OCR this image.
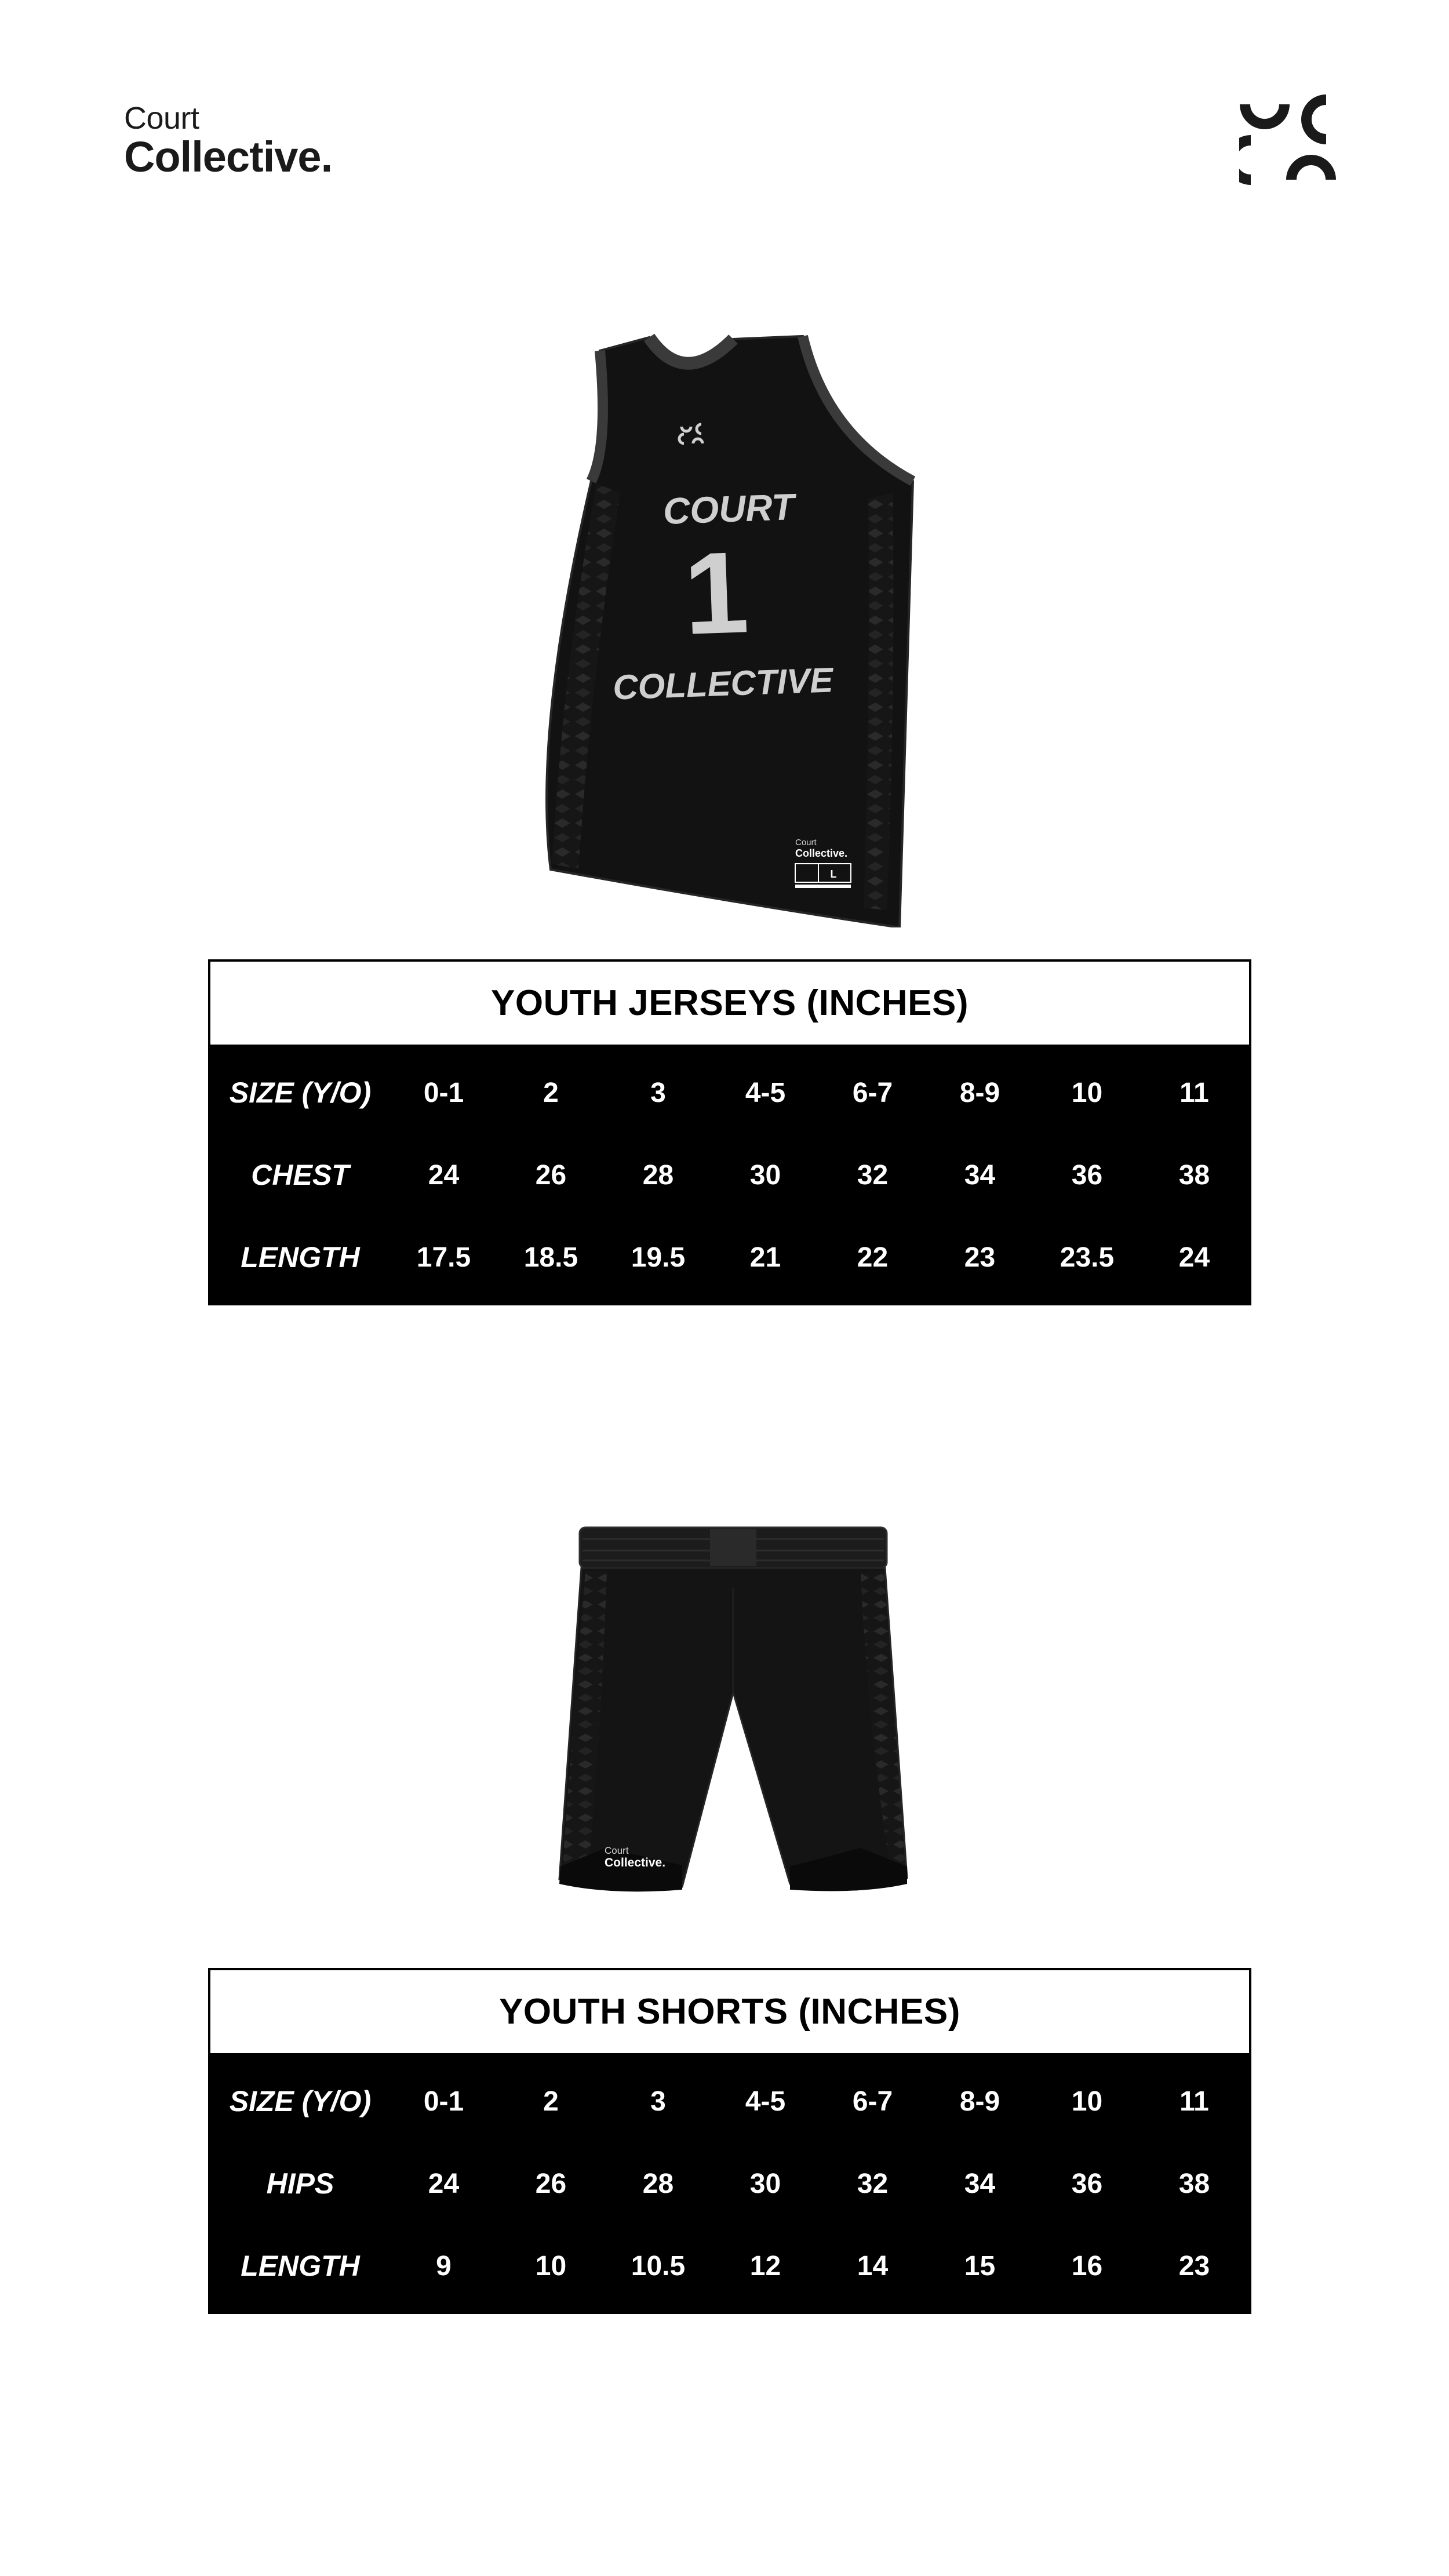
Court
Collective.
COURT
1
COLLECTIVE
Court
Collective.
L
YOUTH JERSEYS (INCHES)
SIZE (Y/O)	0-1	2	3	4-5	6-7	8-9	10	11
CHEST	24	26	28	30	32	34	36	38
LENGTH	17.5	18.5	19.5	21	22	23	23.5	24
Court
Collective.
YOUTH SHORTS (INCHES)
SIZE (Y/O)	0-1	2	3	4-5	6-7	8-9	10	11
HIPS	24	26	28	30	32	34	36	38
LENGTH	9	10	10.5	12	14	15	16	23
